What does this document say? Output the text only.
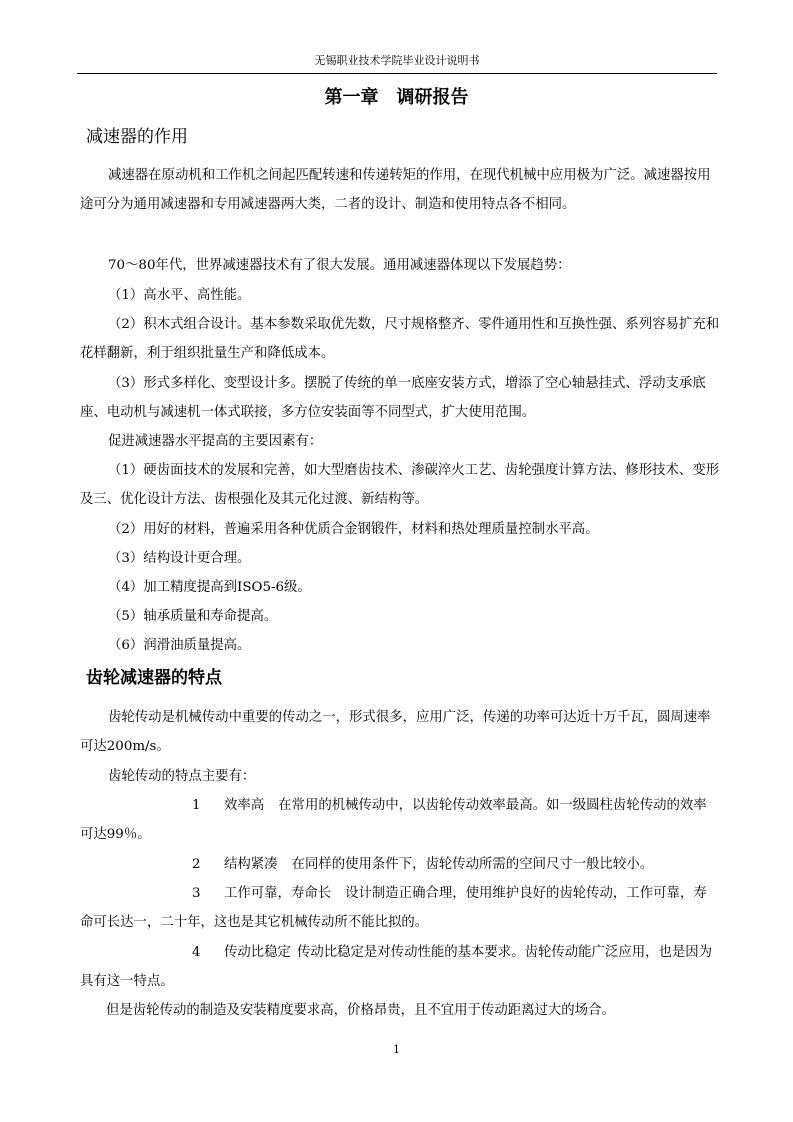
无锡职业技术学院毕业设计说明书
第一章　调研报告
减速器的作用

减速器在原动机和工作机之间起匹配转速和传递转矩的作用，在现代机械中应用极为广泛。减速器按用途可分为通用减速器和专用减速器两大类，二者的设计、制造和使用特点各不相同。

70～80年代，世界减速器技术有了很大发展。通用减速器体现以下发展趋势：

（1）高水平、高性能。

（2）积木式组合设计。基本参数采取优先数，尺寸规格整齐、零件通用性和互换性强、系列容易扩充和花样翻新，利于组织批量生产和降低成本。

（3）形式多样化、变型设计多。摆脱了传统的单一底座安装方式，增添了空心轴悬挂式、浮动支承底座、电动机与减速机一体式联接，多方位安装面等不同型式，扩大使用范围。

促进减速器水平提高的主要因素有：

（1）硬齿面技术的发展和完善，如大型磨齿技术、渗碳淬火工艺、齿轮强度计算方法、修形技术、变形及三、优化设计方法、齿根强化及其元化过渡、新结构等。

（2）用好的材料，普遍采用各种优质合金钢锻件，材料和热处理质量控制水平高。

（3）结构设计更合理。

（4）加工精度提高到ISO5-6级。

（5）轴承质量和寿命提高。

（6）润滑油质量提高。

齿轮减速器的特点

齿轮传动是机械传动中重要的传动之一，形式很多，应用广泛，传递的功率可达近十万千瓦，圆周速率可达200m/s。

齿轮传动的特点主要有：

1 效率高 在常用的机械传动中，以齿轮传动效率最高。如一级圆柱齿轮传动的效率可达99％。

2 结构紧凑 在同样的使用条件下，齿轮传动所需的空间尺寸一般比较小。

3 工作可靠，寿命长 设计制造正确合理，使用维护良好的齿轮传动，工作可靠，寿命可长达一，二十年，这也是其它机械传动所不能比拟的。

4 传动比稳定 传动比稳定是对传动性能的基本要求。齿轮传动能广泛应用，也是因为具有这一特点。

但是齿轮传动的制造及安装精度要求高，价格昂贵，且不宜用于传动距离过大的场合。

1
